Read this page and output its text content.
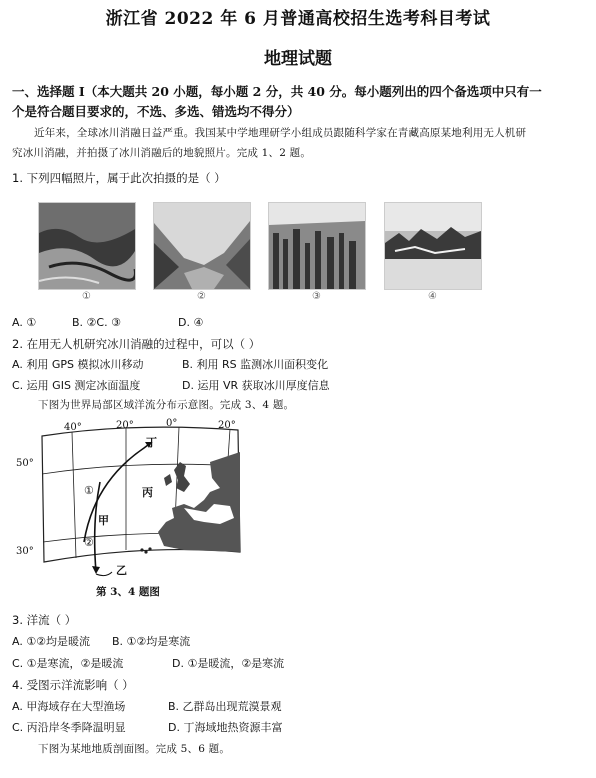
浙江省 2022 年 6 月普通高校招生选考科目考试
地理试题
一、选择题 I（本大题共 20 小题，每小题 2 分，共 40 分。每小题列出的四个备选项中只有一
个是符合题目要求的，不选、多选、错选均不得分）
近年来，全球冰川消融日益严重。我国某中学地理研学小组成员跟随科学家在青藏高原某地利用无人机研
究冰川消融，并拍摄了冰川消融后的地貌照片。完成 1、2 题。
1. 下列四幅照片，属于此次拍摄的是（ ）
①	②	③	④
A. ①	B. ②C. ③	D. ④
2. 在用无人机研究冰川消融的过程中，可以（ ）
A. 利用 GPS 模拟冰川移动	B. 利用 RS 监测冰川面积变化
C. 运用 GIS 测定冰面温度	D. 运用 VR 获取冰川厚度信息
下图为世界局部区域洋流分布示意图。完成 3、4 题。
40°	20°	0°	20°
50°
30°
丁
丙
甲
乙
①
②
第 3、4 题图
3. 洋流（ ）
A. ①②均是暖流 B. ①②均是寒流
C. ①是寒流，②是暖流	D. ①是暖流，②是寒流
4. 受图示洋流影响（ ）
A. 甲海域存在大型渔场	B. 乙群岛出现荒漠景观
C. 丙沿岸冬季降温明显	D. 丁海域地热资源丰富
下图为某地地质剖面图。完成 5、6 题。
